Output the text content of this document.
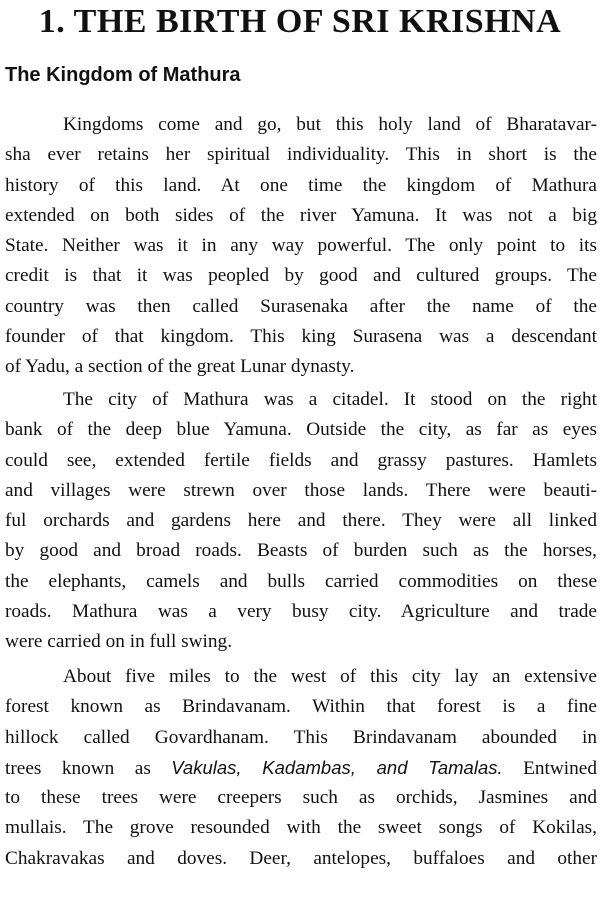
1. THE BIRTH OF SRI KRISHNA
The Kingdom of Mathura

Kingdoms come and go, but this holy land of Bharatavar-
sha ever retains her spiritual individuality. This in short is the
history of this land. At one time the kingdom of Mathura
extended on both sides of the river Yamuna. It was not a big
State. Neither was it in any way powerful. The only point to its
credit is that it was peopled by good and cultured groups. The
country was then called Surasenaka after the name of the
founder of that kingdom. This king Surasena was a descendant
of Yadu, a section of the great Lunar dynasty.

The city of Mathura was a citadel. It stood on the right
bank of the deep blue Yamuna. Outside the city, as far as eyes
could see, extended fertile fields and grassy pastures. Hamlets
and villages were strewn over those lands. There were beauti-
ful orchards and gardens here and there. They were all linked
by good and broad roads. Beasts of burden such as the horses,
the elephants, camels and bulls carried commodities on these
roads. Mathura was a very busy city. Agriculture and trade
were carried on in full swing.

About five miles to the west of this city lay an extensive
forest known as Brindavanam. Within that forest is a fine
hillock called Govardhanam. This Brindavanam abounded in
trees known as Vakulas, Kadambas, and Tamalas. Entwined
to these trees were creepers such as orchids, Jasmines and
mullais. The grove resounded with the sweet songs of Kokilas,
Chakravakas and doves. Deer, antelopes, buffaloes and other
